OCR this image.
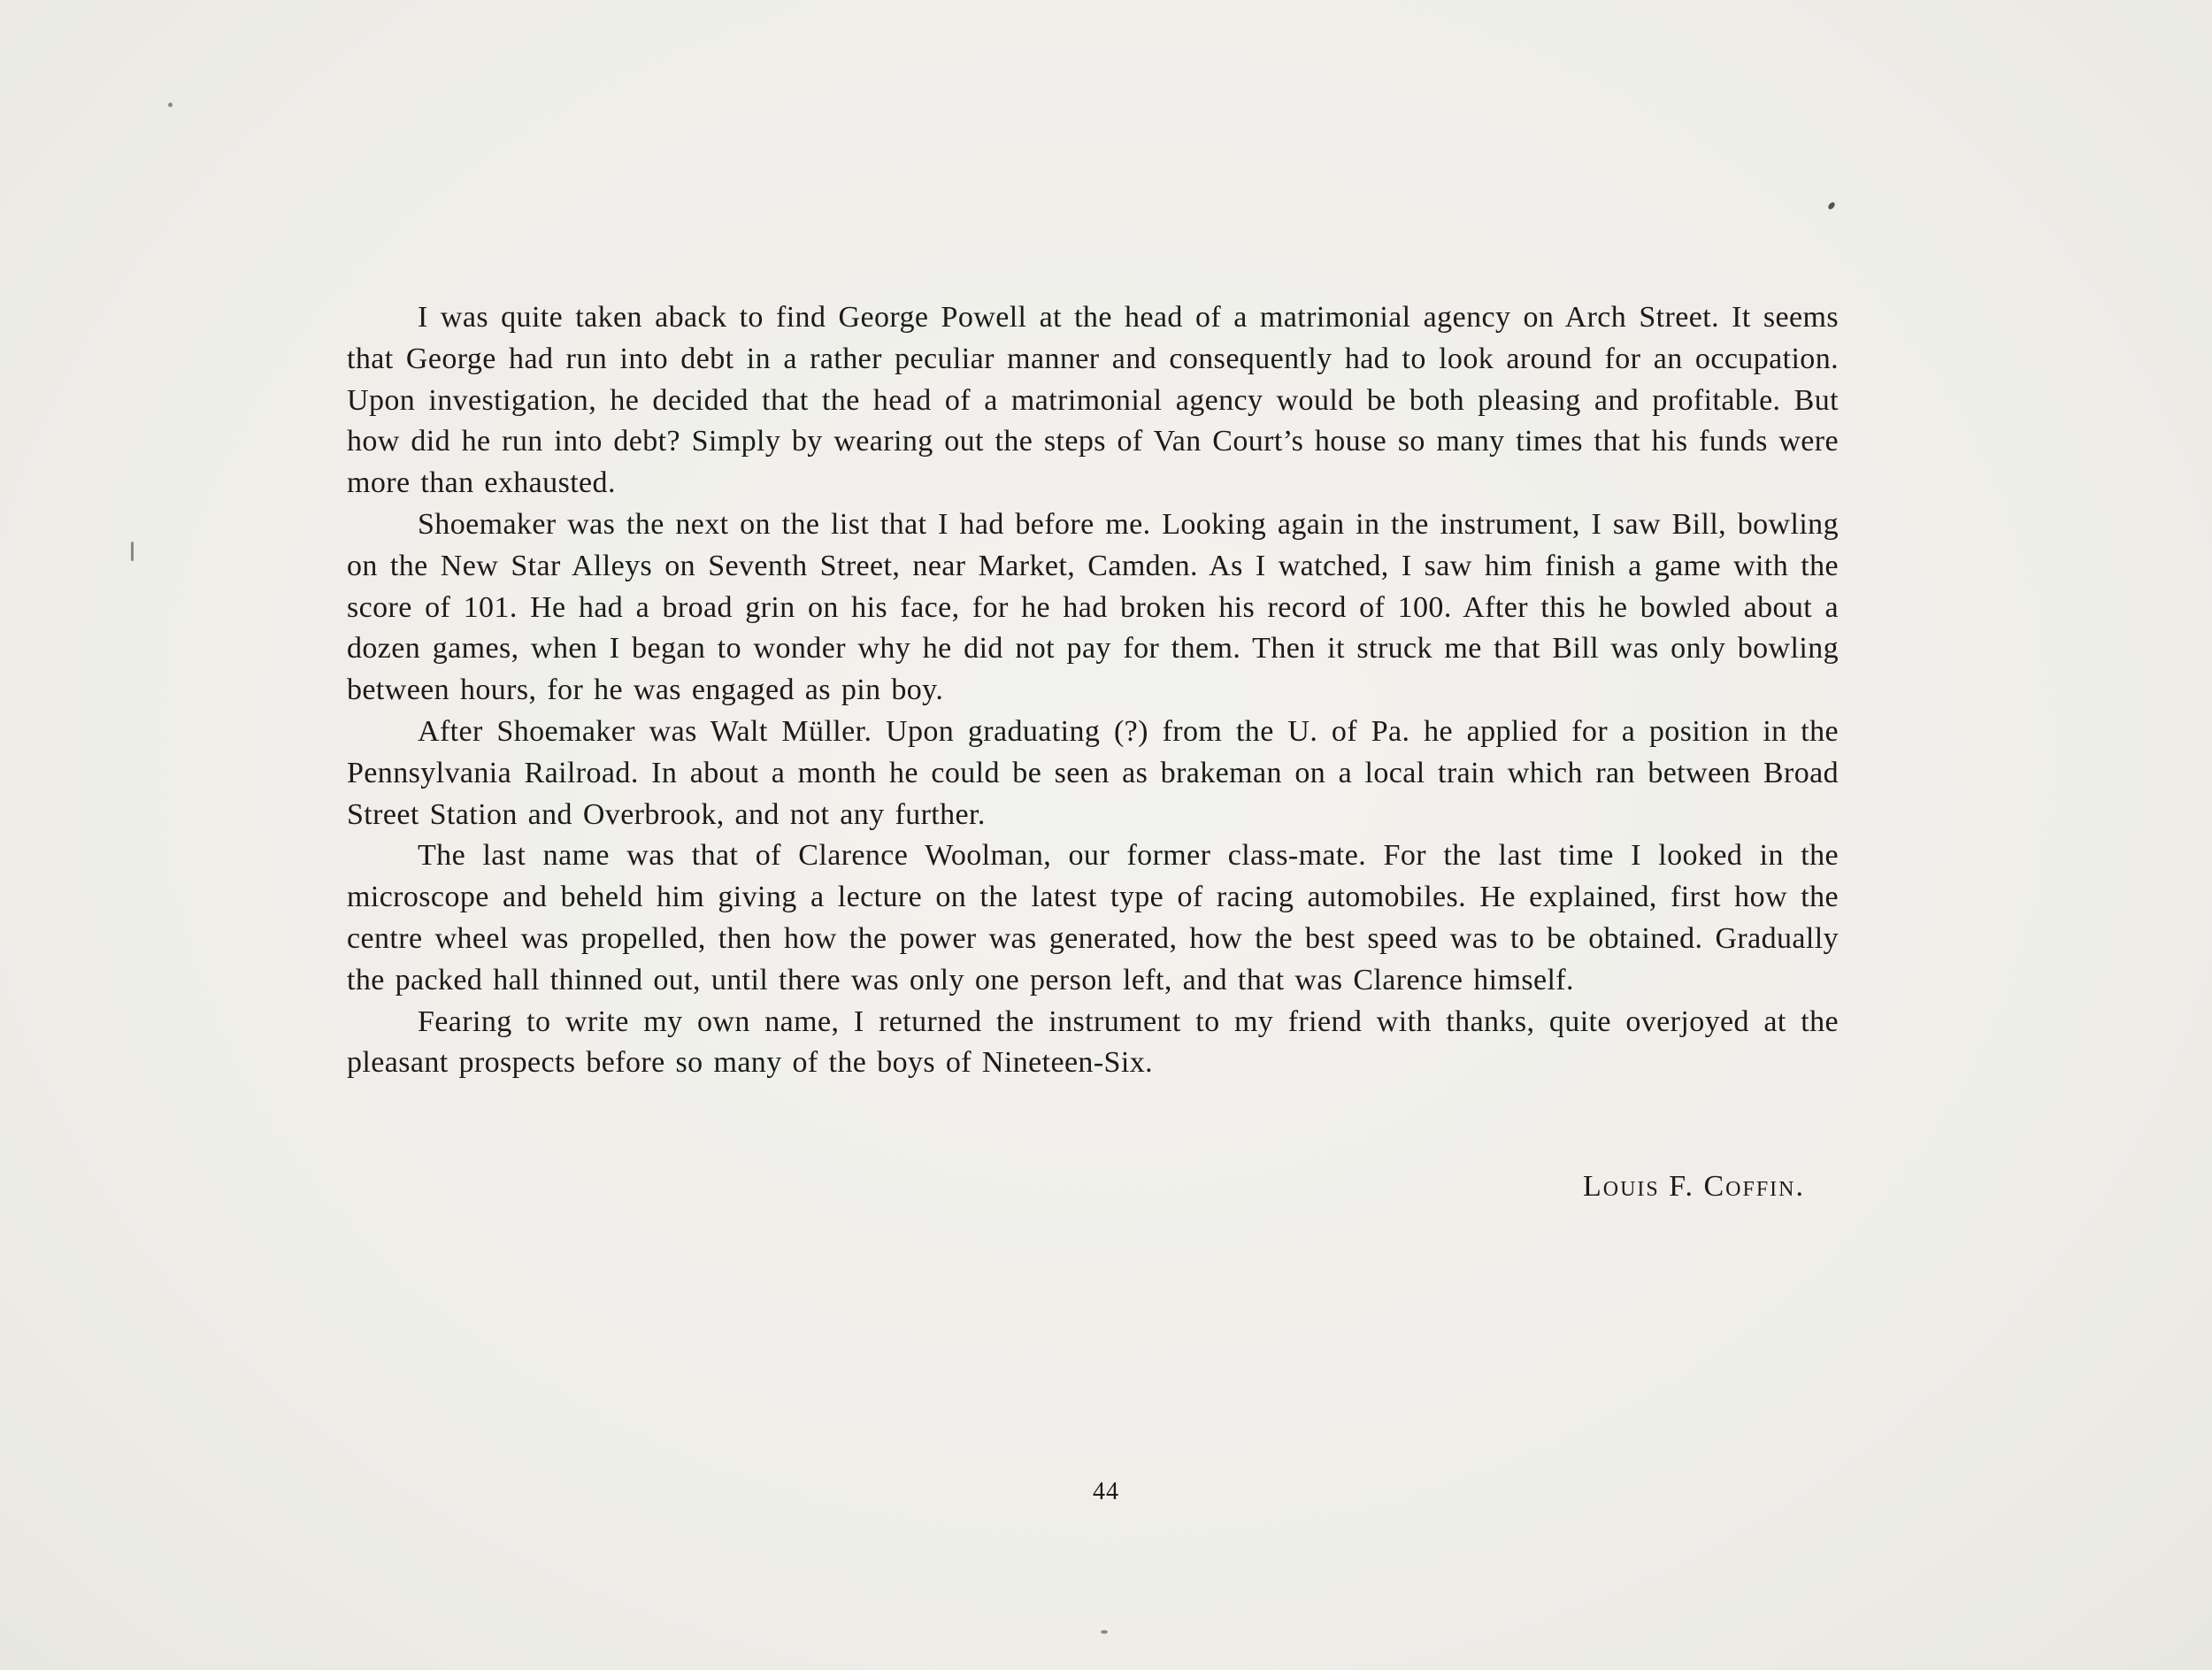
I was quite taken aback to find George Powell at the head of a matrimonial agency on Arch Street. It seems that George had run into debt in a rather peculiar manner and consequently had to look around for an occupation. Upon investigation, he decided that the head of a matrimonial agency would be both pleasing and profitable. But how did he run into debt? Simply by wearing out the steps of Van Court’s house so many times that his funds were more than exhausted.

Shoemaker was the next on the list that I had before me. Looking again in the instrument, I saw Bill, bowling on the New Star Alleys on Seventh Street, near Market, Camden. As I watched, I saw him finish a game with the score of 101. He had a broad grin on his face, for he had broken his record of 100. After this he bowled about a dozen games, when I began to wonder why he did not pay for them. Then it struck me that Bill was only bowling between hours, for he was engaged as pin boy.

After Shoemaker was Walt Müller. Upon graduating (?) from the U. of Pa. he applied for a position in the Pennsylvania Railroad. In about a month he could be seen as brakeman on a local train which ran between Broad Street Station and Overbrook, and not any further.

The last name was that of Clarence Woolman, our former class-mate. For the last time I looked in the microscope and beheld him giving a lecture on the latest type of racing automobiles. He explained, first how the centre wheel was propelled, then how the power was generated, how the best speed was to be obtained. Gradually the packed hall thinned out, until there was only one person left, and that was Clarence himself.

Fearing to write my own name, I returned the instrument to my friend with thanks, quite overjoyed at the pleasant prospects before so many of the boys of Nineteen-Six.

Louis F. Coffin.
44
